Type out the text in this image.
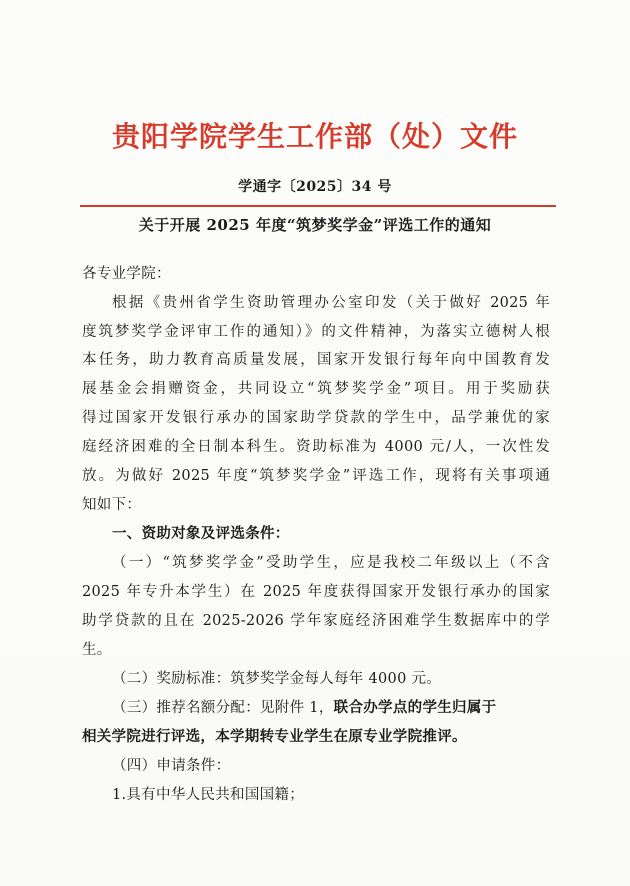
贵阳学院学生工作部（处）文件
学通字〔2025〕34 号
关于开展 2025 年度“筑梦奖学金”评选工作的通知
各专业学院：
根据《贵州省学生资助管理办公室印发（关于做好 2025 年
度筑梦奖学金评审工作的通知）》的文件精神，为落实立德树人根
本任务，助力教育高质量发展，国家开发银行每年向中国教育发
展基金会捐赠资金，共同设立“筑梦奖学金”项目。用于奖励获
得过国家开发银行承办的国家助学贷款的学生中，品学兼优的家
庭经济困难的全日制本科生。资助标准为 4000 元/人，一次性发
放。为做好 2025 年度“筑梦奖学金”评选工作，现将有关事项通
知如下：
一、资助对象及评选条件：
（一）“筑梦奖学金”受助学生，应是我校二年级以上（不含
2025 年专升本学生）在 2025 年度获得国家开发银行承办的国家
助学贷款的且在 2025-2026 学年家庭经济困难学生数据库中的学
生。
（二）奖励标准：筑梦奖学金每人每年 4000 元。
（三）推荐名额分配：见附件 1，联合办学点的学生归属于
相关学院进行评选，本学期转专业学生在原专业学院推评。
（四）申请条件：
1.具有中华人民共和国国籍；
